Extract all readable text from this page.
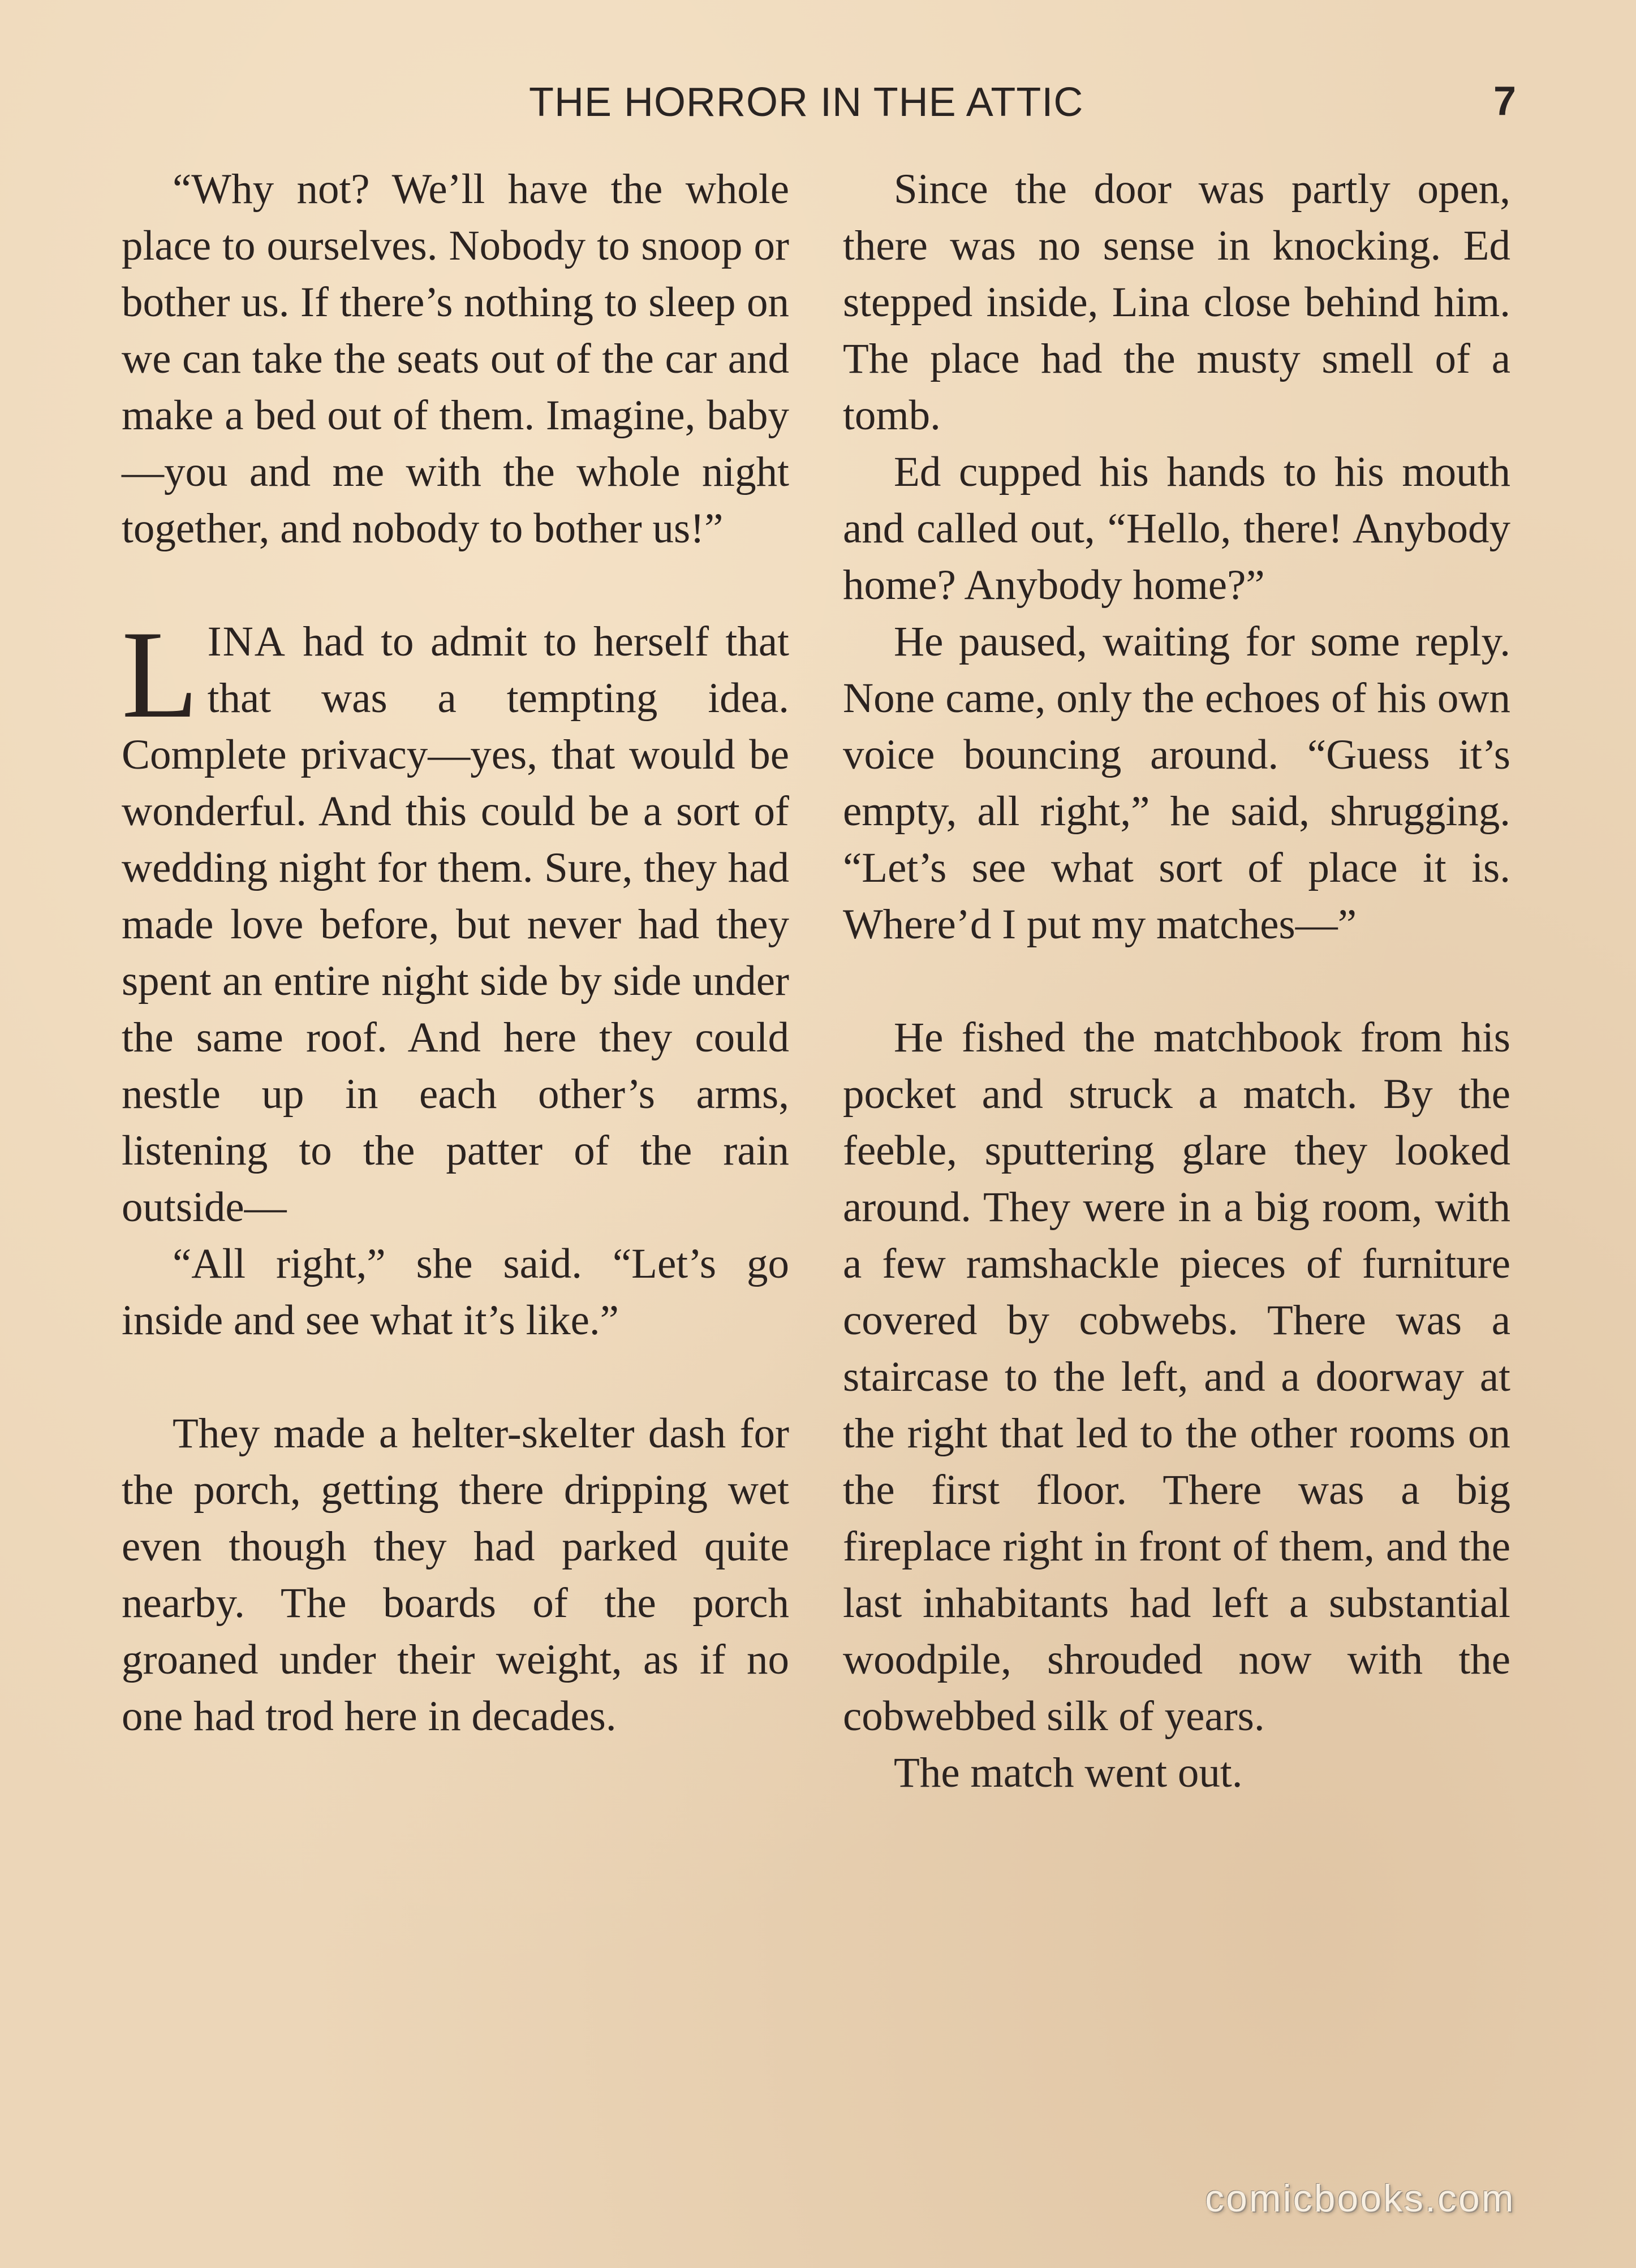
THE HORROR IN THE ATTIC	7

“Why not? We’ll have the whole place to ourselves. Nobody to snoop or bother us. If there’s nothing to sleep on we can take the seats out of the car and make a bed out of them. Imagine, baby—you and me with the whole night together, and nobody to bother us!”

LINA had to admit to herself that that was a tempting idea. Complete privacy—yes, that would be wonderful. And this could be a sort of wedding night for them. Sure, they had made love before, but never had they spent an entire night side by side under the same roof. And here they could nestle up in each other’s arms, listening to the patter of the rain outside—

“All right,” she said. “Let’s go inside and see what it’s like.”

They made a helter-skelter dash for the porch, getting there dripping wet even though they had parked quite nearby. The boards of the porch groaned under their weight, as if no one had trod here in decades.

Since the door was partly open, there was no sense in knocking. Ed stepped inside, Lina close behind him. The place had the musty smell of a tomb.

Ed cupped his hands to his mouth and called out, “Hello, there! Anybody home? Anybody home?”

He paused, waiting for some reply. None came, only the echoes of his own voice bouncing around. “Guess it’s empty, all right,” he said, shrugging. “Let’s see what sort of place it is. Where’d I put my matches—”

He fished the matchbook from his pocket and struck a match. By the feeble, sputtering glare they looked around. They were in a big room, with a few ramshackle pieces of furniture covered by cobwebs. There was a staircase to the left, and a doorway at the right that led to the other rooms on the first floor. There was a big fireplace right in front of them, and the last inhabitants had left a substantial woodpile, shrouded now with the cobwebbed silk of years.

The match went out.

comicbooks.com
